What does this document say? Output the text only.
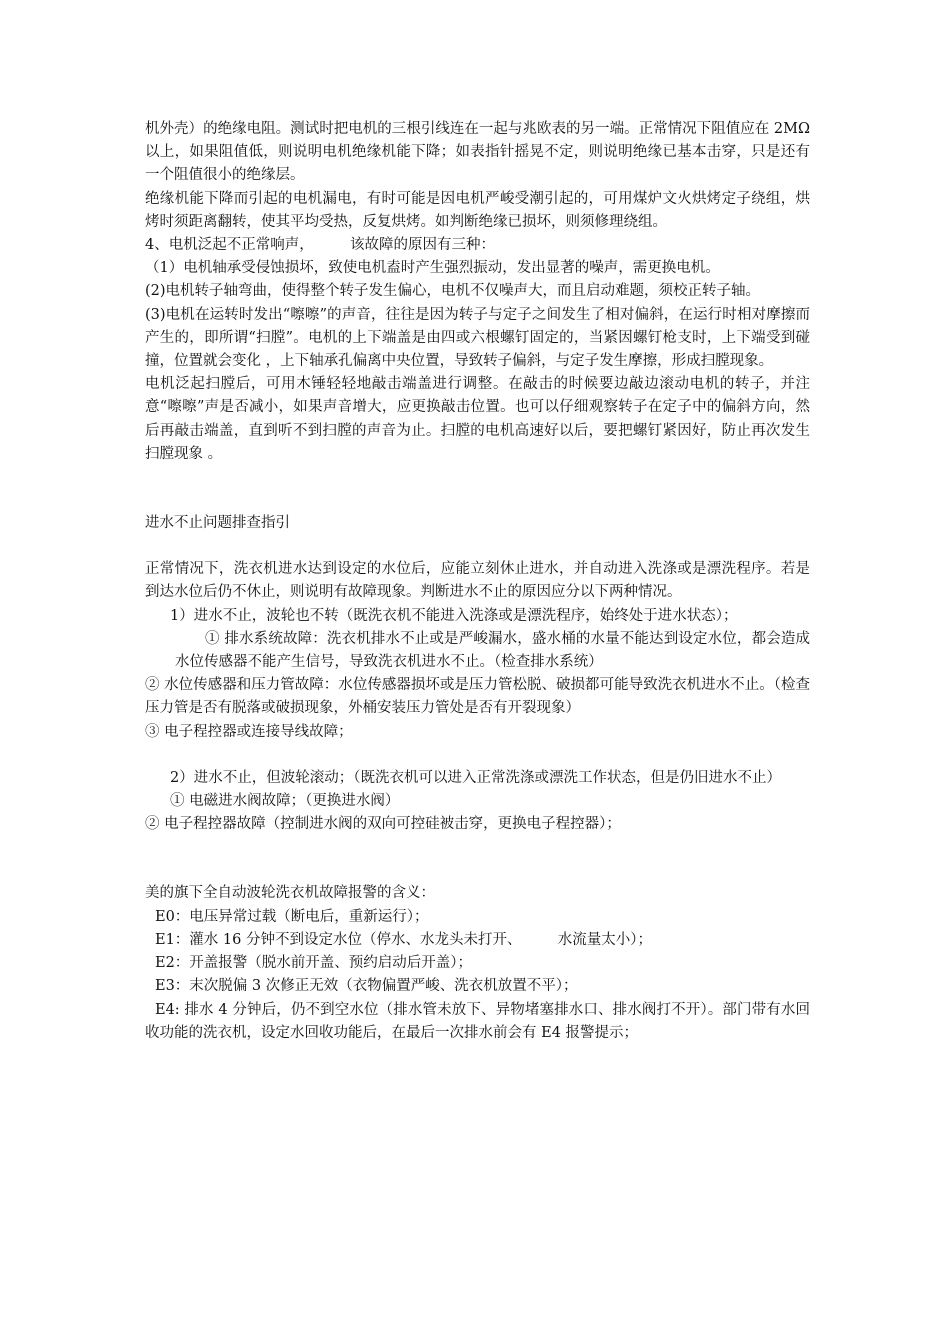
机外壳）的绝缘电阻。测试时把电机的三根引线连在一起与兆欧表的另一端。正常情况下阻值应在 2MΩ 以上，如果阻值低，则说明电机绝缘机能下降；如表指针摇晃不定，则说明绝缘已基本击穿，只是还有一个阻值很小的绝缘层。

绝缘机能下降而引起的电机漏电，有时可能是因电机严峻受潮引起的，可用煤炉文火烘烤定子绕组，烘烤时须距离翻转，使其平均受热，反复烘烤。如判断绝缘已损坏，则须修理绕组。

4、电机泛起不正常响声，　　　该故障的原因有三种：

（1）电机轴承受侵蚀损坏，致使电机盍时产生强烈振动，发出显著的噪声，需更换电机。

(2)电机转子轴弯曲，使得整个转子发生偏心，电机不仅噪声大，而且启动难题，须校正转子轴。

(3)电机在运转时发出“嚓嚓”的声音，往往是因为转子与定子之间发生了相对偏斜，在运行时相对摩擦而产生的，即所谓“扫膛”。电机的上下端盖是由四或六根螺钉固定的，当紧因螺钉枪支时，上下端受到碰撞，位置就会变化 ，上下轴承孔偏离中央位置，导致转子偏斜，与定子发生摩擦，形成扫膛现象。

电机泛起扫膛后，可用木锤轻轻地敲击端盖进行调整。在敲击的时候要边敲边滚动电机的转子，并注意“嚓嚓”声是否减小，如果声音增大，应更换敲击位置。也可以仔细观察转子在定子中的偏斜方向，然后再敲击端盖，直到听不到扫膛的声音为止。扫膛的电机高速好以后，要把螺钉紧因好，防止再次发生扫膛现象 。

进水不止问题排查指引

正常情况下，洗衣机进水达到设定的水位后，应能立刻休止进水，并自动进入洗涤或是漂洗程序。若是到达水位后仍不休止，则说明有故障现象。判断进水不止的原因应分以下两种情况。

1）进水不止，波轮也不转（既洗衣机不能进入洗涤或是漂洗程序，始终处于进水状态）；

① 排水系统故障：洗衣机排水不止或是严峻漏水，盛水桶的水量不能达到设定水位，都会造成水位传感器不能产生信号，导致洗衣机进水不止。（检查排水系统）

② 水位传感器和压力管故障：水位传感器损坏或是压力管松脱、破损都可能导致洗衣机进水不止。（检查压力管是否有脱落或破损现象，外桶安装压力管处是否有开裂现象）

③ 电子程控器或连接导线故障；

2）进水不止，但波轮滚动；（既洗衣机可以进入正常洗涤或漂洗工作状态，但是仍旧进水不止）

① 电磁进水阀故障；（更换进水阀）

② 电子程控器故障（控制进水阀的双向可控硅被击穿，更换电子程控器）；

美的旗下全自动波轮洗衣机故障报警的含义：

E0：电压异常过载（断电后，重新运行）；

E1：灌水 16 分钟不到设定水位（停水、水龙头未打开、　　　水流量太小）；

E2：开盖报警（脱水前开盖、预约启动后开盖）；

E3：末次脱偏 3 次修正无效（衣物偏置严峻、洗衣机放置不平）；

E4: 排水 4 分钟后，仍不到空水位（排水管未放下、异物堵塞排水口、排水阀打不开）。部门带有水回收功能的洗衣机，设定水回收功能后，在最后一次排水前会有 E4 报警提示；
